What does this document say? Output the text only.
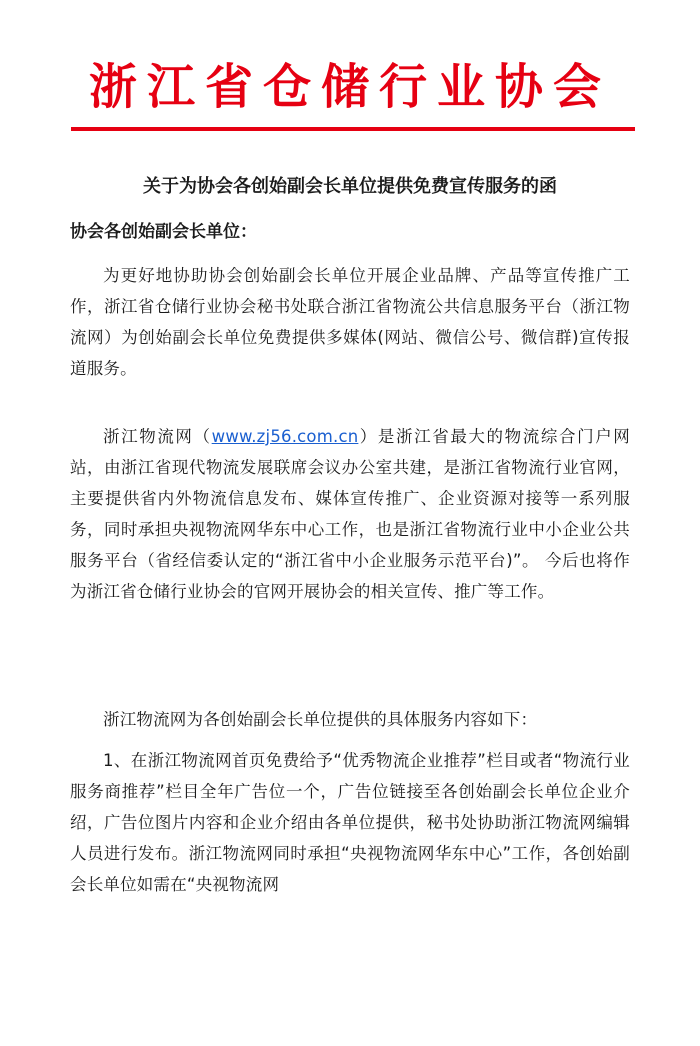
浙江省仓储行业协会
关于为协会各创始副会长单位提供免费宣传服务的函
协会各创始副会长单位：

为更好地协助协会创始副会长单位开展企业品牌、产品等宣传推广工作，浙江省仓储行业协会秘书处联合浙江省物流公共信息服务平台（浙江物流网）为创始副会长单位免费提供多媒体(网站、微信公号、微信群)宣传报道服务。

浙江物流网（www.zj56.com.cn）是浙江省最大的物流综合门户网站，由浙江省现代物流发展联席会议办公室共建，是浙江省物流行业官网，主要提供省内外物流信息发布、媒体宣传推广、企业资源对接等一系列服务，同时承担央视物流网华东中心工作，也是浙江省物流行业中小企业公共服务平台（省经信委认定的“浙江省中小企业服务示范平台)”。 今后也将作为浙江省仓储行业协会的官网开展协会的相关宣传、推广等工作。

浙江物流网为各创始副会长单位提供的具体服务内容如下：

1、在浙江物流网首页免费给予“优秀物流企业推荐”栏目或者“物流行业服务商推荐”栏目全年广告位一个，广告位链接至各创始副会长单位企业介绍，广告位图片内容和企业介绍由各单位提供，秘书处协助浙江物流网编辑人员进行发布。浙江物流网同时承担“央视物流网华东中心”工作，各创始副会长单位如需在“央视物流网
